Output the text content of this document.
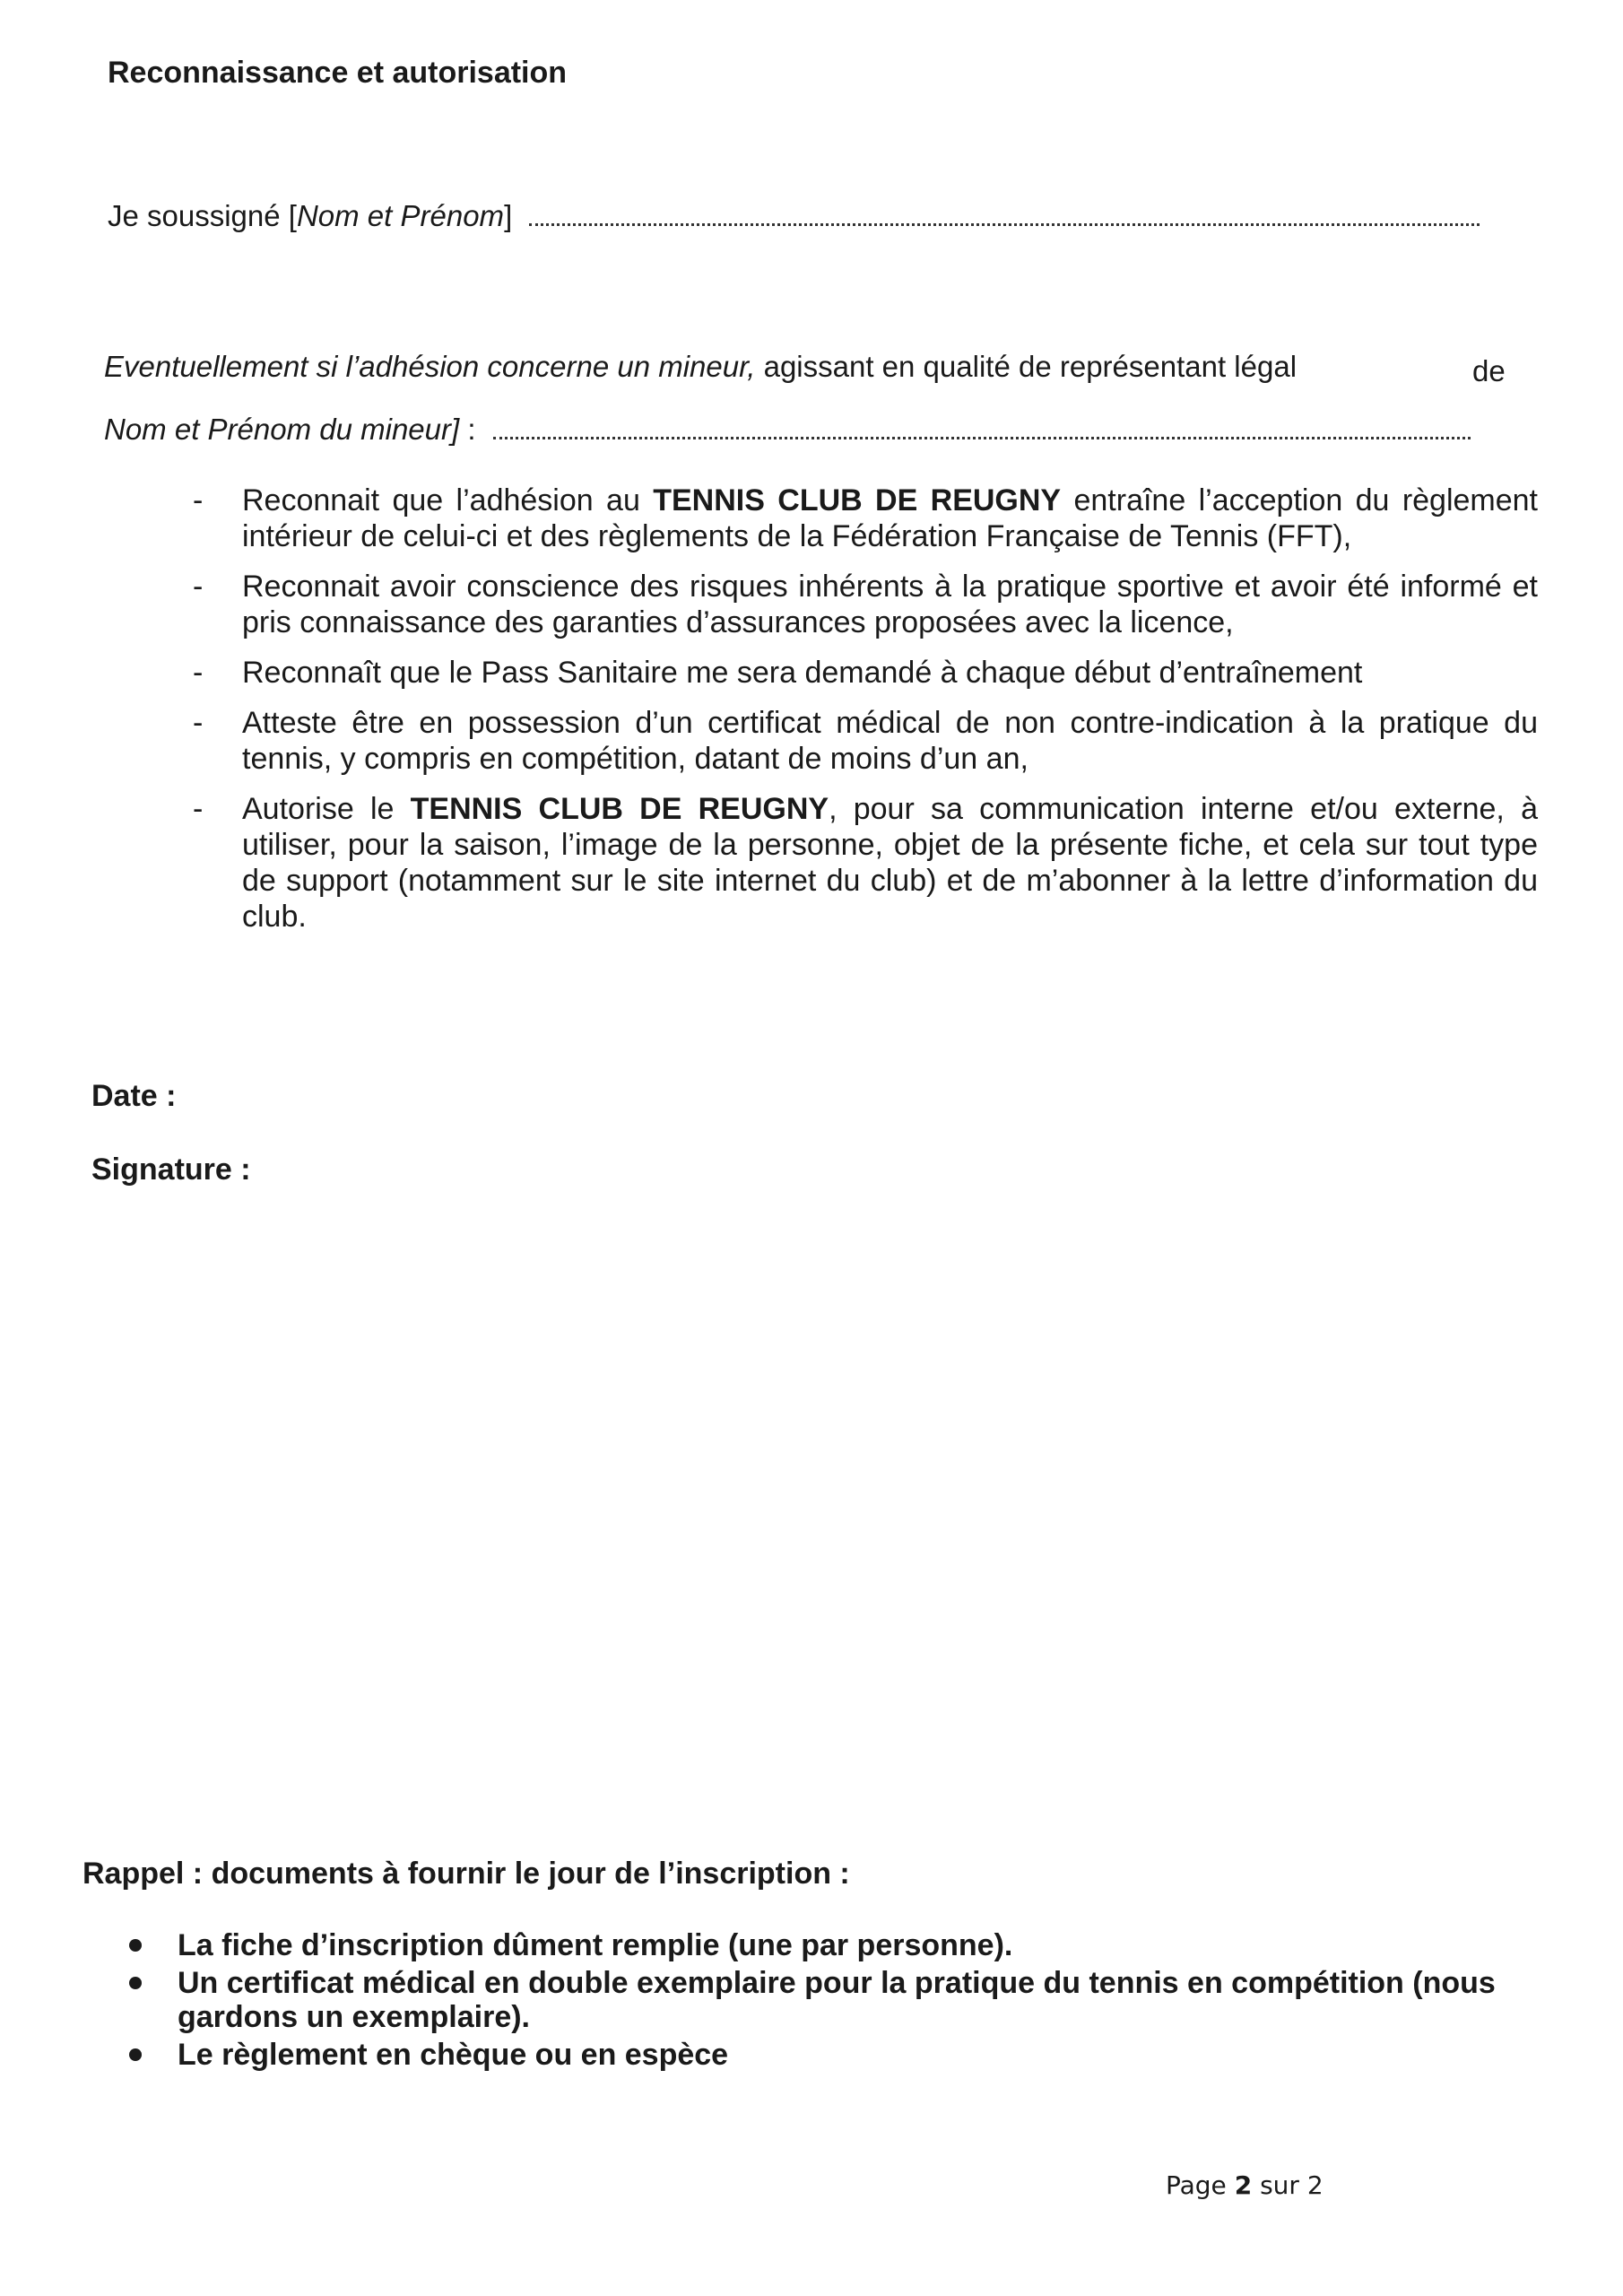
Reconnaissance et autorisation
Je soussigné [Nom et Prénom]
Eventuellement si l’adhésion concerne un mineur, agissant en qualité de représentant légal	de
Nom et Prénom du mineur] :
- Reconnait que l’adhésion au TENNIS CLUB DE REUGNY entraîne l’acception du règlement intérieur de celui-ci et des règlements de la Fédération Française de Tennis (FFT),
- Reconnait avoir conscience des risques inhérents à la pratique sportive et avoir été informé et pris connaissance des garanties d’assurances proposées avec la licence,
- Reconnaît que le Pass Sanitaire me sera demandé à chaque début d’entraînement
- Atteste être en possession d’un certificat médical de non contre-indication à la pratique du tennis, y compris en compétition, datant de moins d’un an,
- Autorise le TENNIS CLUB DE REUGNY, pour sa communication interne et/ou externe, à utiliser, pour la saison, l’image de la personne, objet de la présente fiche, et cela sur tout type de support (notamment sur le site internet du club) et de m’abonner à la lettre d’information du club.
Date :
Signature :
Rappel : documents à fournir le jour de l’inscription :
La fiche d’inscription dûment remplie (une par personne).
Un certificat médical en double exemplaire pour la pratique du tennis en compétition (nous gardons un exemplaire).
Le règlement en chèque ou en espèce
Page 2 sur 2
